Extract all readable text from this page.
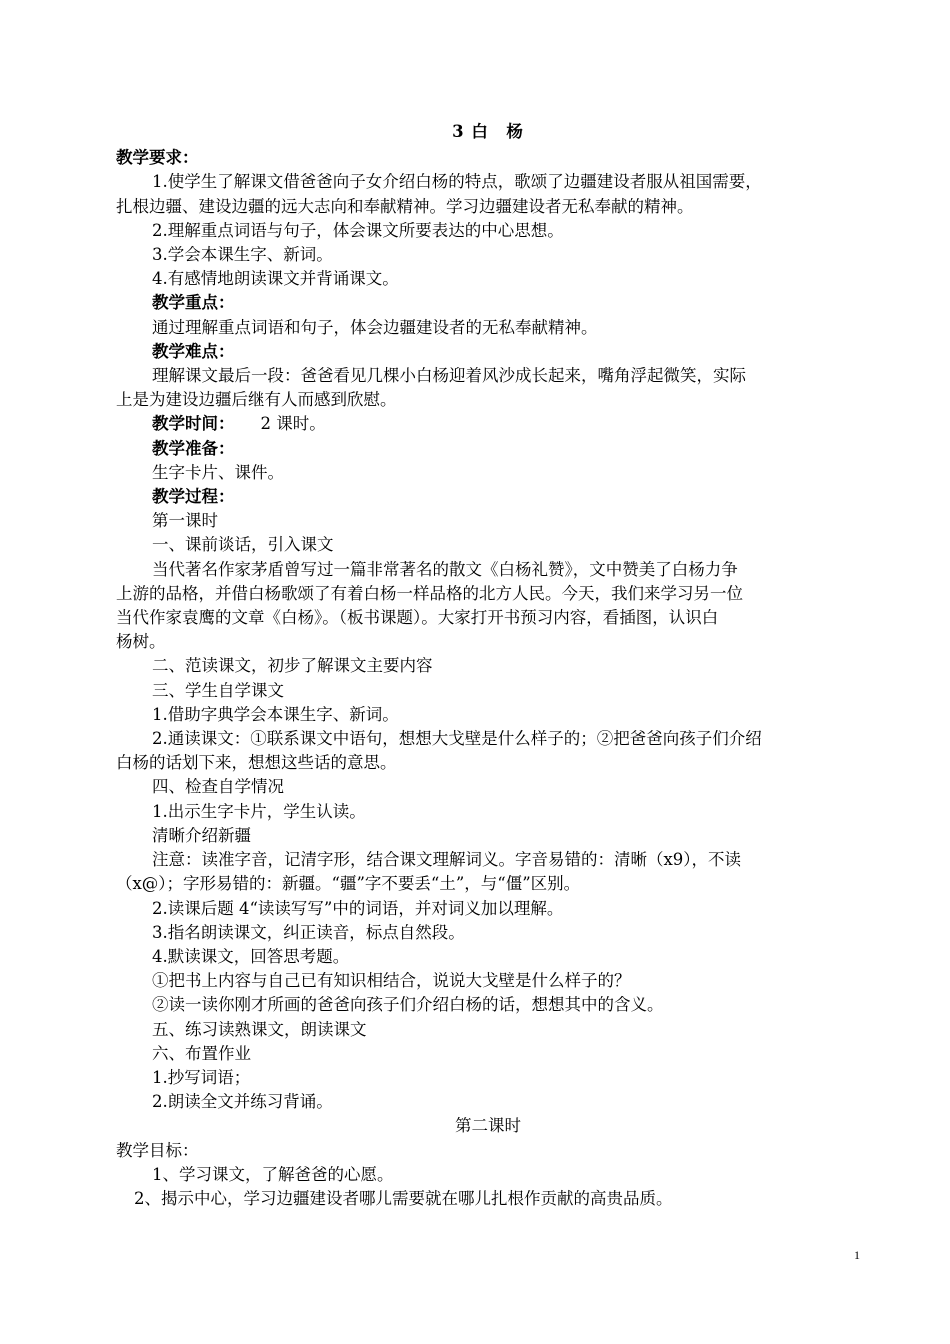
3 白　杨
教学要求：
1.使学生了解课文借爸爸向子女介绍白杨的特点，歌颂了边疆建设者服从祖国需要，
扎根边疆、建设边疆的远大志向和奉献精神。学习边疆建设者无私奉献的精神。
2.理解重点词语与句子，体会课文所要表达的中心思想。
3.学会本课生字、新词。
4.有感情地朗读课文并背诵课文。
教学重点：
通过理解重点词语和句子，体会边疆建设者的无私奉献精神。
教学难点：
理解课文最后一段：爸爸看见几棵小白杨迎着风沙成长起来，嘴角浮起微笑，实际
上是为建设边疆后继有人而感到欣慰。
教学时间： 2 课时。
教学准备：
生字卡片、课件。
教学过程：
第一课时
一、课前谈话，引入课文
当代著名作家茅盾曾写过一篇非常著名的散文《白杨礼赞》，文中赞美了白杨力争
上游的品格，并借白杨歌颂了有着白杨一样品格的北方人民。今天，我们来学习另一位
当代作家袁鹰的文章《白杨》。（板书课题）。大家打开书预习内容，看插图，认识白
杨树。
二、范读课文，初步了解课文主要内容
三、学生自学课文
1.借助字典学会本课生字、新词。
2.通读课文：①联系课文中语句，想想大戈壁是什么样子的；②把爸爸向孩子们介绍
白杨的话划下来，想想这些话的意思。
四、检查自学情况
1.出示生字卡片，学生认读。
清晰介绍新疆
注意：读准字音，记清字形，结合课文理解词义。字音易错的：清晰（x9），不读
（x@）；字形易错的：新疆。“疆”字不要丢“土”，与“僵”区别。
2.读课后题 4“读读写写”中的词语，并对词义加以理解。
3.指名朗读课文，纠正读音，标点自然段。
4.默读课文，回答思考题。
①把书上内容与自己已有知识相结合，说说大戈壁是什么样子的？
②读一读你刚才所画的爸爸向孩子们介绍白杨的话，想想其中的含义。
五、练习读熟课文，朗读课文
六、布置作业
1.抄写词语；
2.朗读全文并练习背诵。
第二课时
教学目标：
1、学习课文，了解爸爸的心愿。
2、揭示中心，学习边疆建设者哪儿需要就在哪儿扎根作贡献的高贵品质。
1
